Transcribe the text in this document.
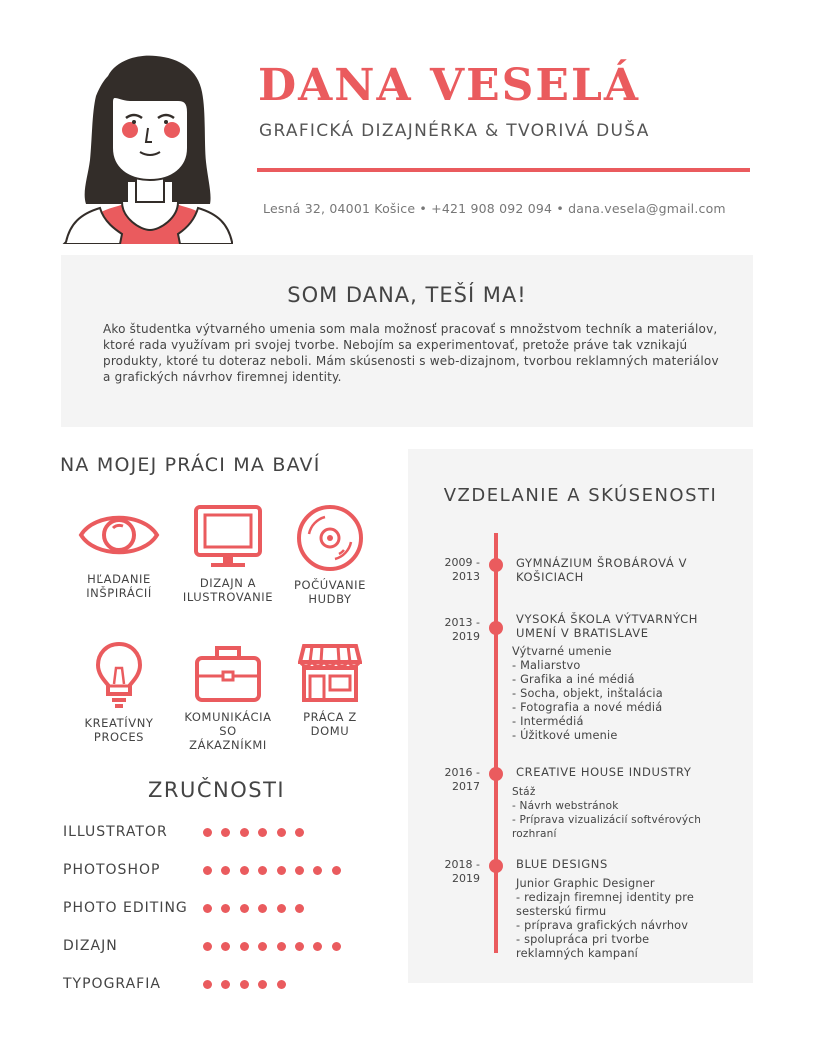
DANA VESELÁ
GRAFICKÁ DIZAJNÉRKA & TVORIVÁ DUŠA
Lesná 32, 04001 Košice • +421 908 092 094 • dana.vesela@gmail.com
SOM DANA, TEŠÍ MA!

Ako študentka výtvarného umenia som mala možnosť pracovať s množstvom techník a materiálov, ktoré rada využívam pri svojej tvorbe. Nebojím sa experimentovať, pretože práve tak vznikajú produkty, ktoré tu doteraz neboli. Mám skúsenosti s web-dizajnom, tvorbou reklamných materiálov a grafických návrhov firemnej identity.

NA MOJEJ PRÁCI MA BAVÍ
HĽADANIE
INŠPIRÁCIÍ
DIZAJN A
ILUSTROVANIE
POČÚVANIE
HUDBY
KREATÍVNY
PROCES
KOMUNIKÁCIA
SO
ZÁKAZNÍKMI
PRÁCA Z
DOMU
ZRUČNOSTI
ILLUSTRATOR
PHOTOSHOP
PHOTO EDITING
DIZAJN
TYPOGRAFIA
VZDELANIE A SKÚSENOSTI
2009 -
2013
GYMNÁZIUM ŠROBÁROVÁ V
KOŠICIACH
2013 -
2019
VYSOKÁ ŠKOLA VÝTVARNÝCH
UMENÍ V BRATISLAVE
Výtvarné umenie
- Maliarstvo
- Grafika a iné médiá
- Socha, objekt, inštalácia
- Fotografia a nové médiá
- Intermédiá
- Úžitkové umenie
2016 -
2017
CREATIVE HOUSE INDUSTRY
Stáž
- Návrh webstránok
- Príprava vizualizácií softvérových
rozhraní
2018 -
2019
BLUE DESIGNS
Junior Graphic Designer
- redizajn firemnej identity pre
sesterskú firmu
- príprava grafických návrhov
- spolupráca pri tvorbe
reklamných kampaní
